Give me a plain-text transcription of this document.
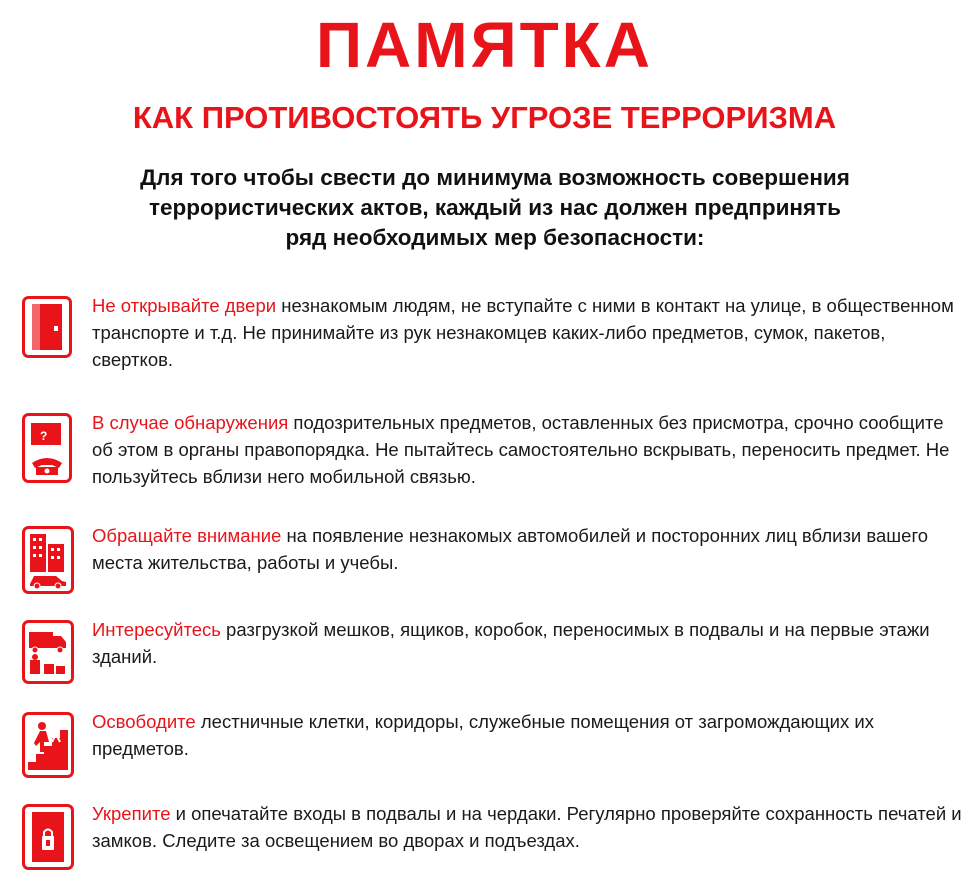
ПАМЯТКА
КАК ПРОТИВОСТОЯТЬ УГРОЗЕ ТЕРРОРИЗМА
Для того чтобы свести до минимума возможность совершения
террористических актов, каждый из нас должен предпринять
ряд необходимых мер безопасности:
Не открывайте двери незнакомым людям, не вступайте с ними в контакт на улице, в общественном транспорте и т.д. Не принимайте из рук незнакомцев каких-либо предметов, сумок, пакетов, свертков.
?
В случае обнаружения подозрительных предметов, оставленных без присмотра, срочно сообщите об этом в органы правопорядка. Не пытайтесь самостоятельно вскрывать, переносить предмет. Не пользуйтесь вблизи него мобильной связью.
Обращайте внимание на появление незнакомых автомобилей и посторонних лиц вблизи вашего места жительства, работы и учебы.
Интересуйтесь разгрузкой мешков, ящиков, коробок, переносимых в подвалы и на первые этажи зданий.
Освободите лестничные клетки, коридоры, служебные помещения от загромождающих их предметов.
Укрепите и опечатайте входы в подвалы и на чердаки. Регулярно проверяйте сохранность печатей и замков. Следите за освещением во дворах и подъездах.
